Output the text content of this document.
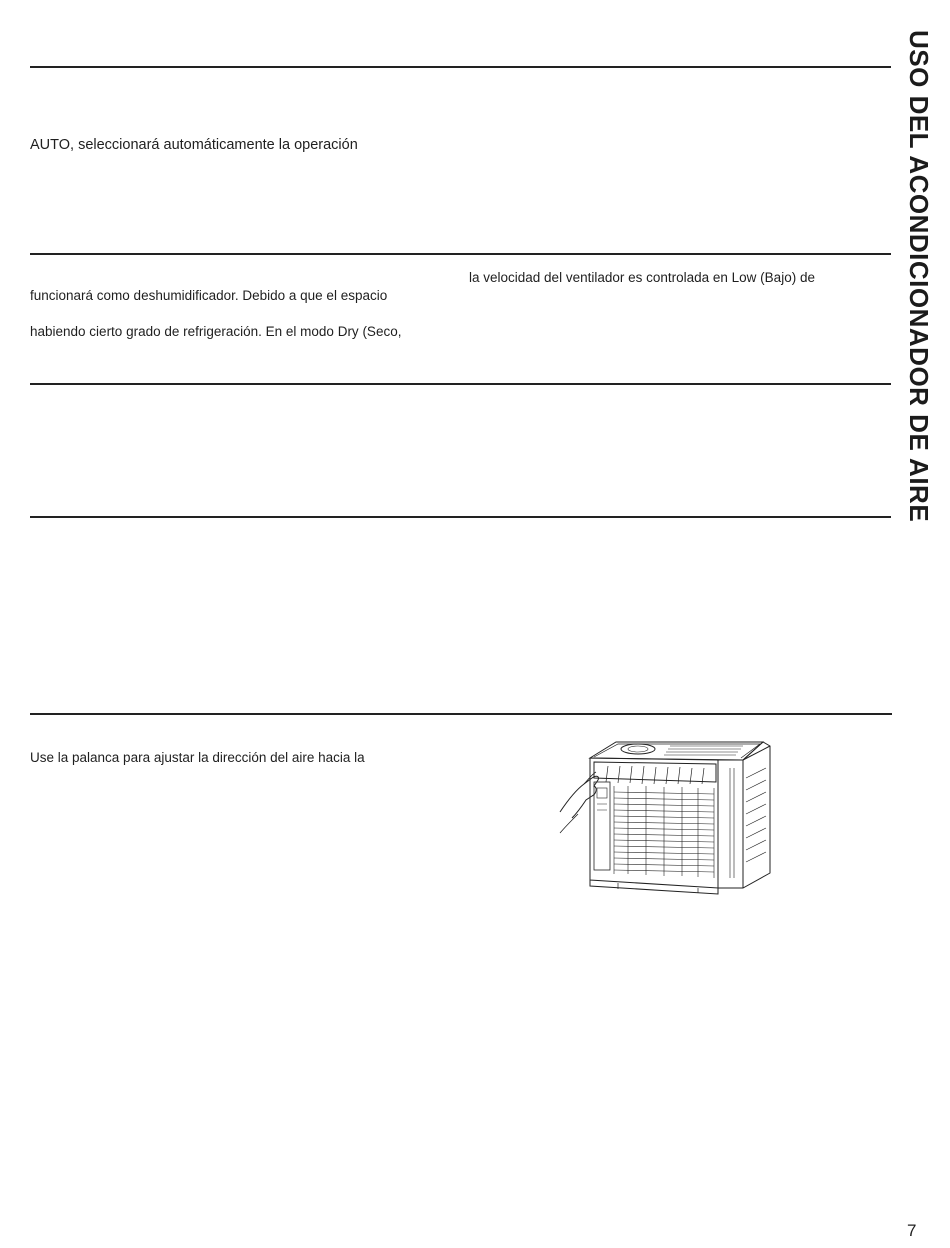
AUTO, seleccionará automáticamente la operación
la velocidad del ventilador es controlada en Low (Bajo) de
funcionará como deshumidificador. Debido a que el espacio
habiendo cierto grado de refrigeración. En el modo Dry (Seco,
Use la palanca para ajustar la dirección del aire hacia la
USO DEL ACONDICIONADOR DE AIRE
7
